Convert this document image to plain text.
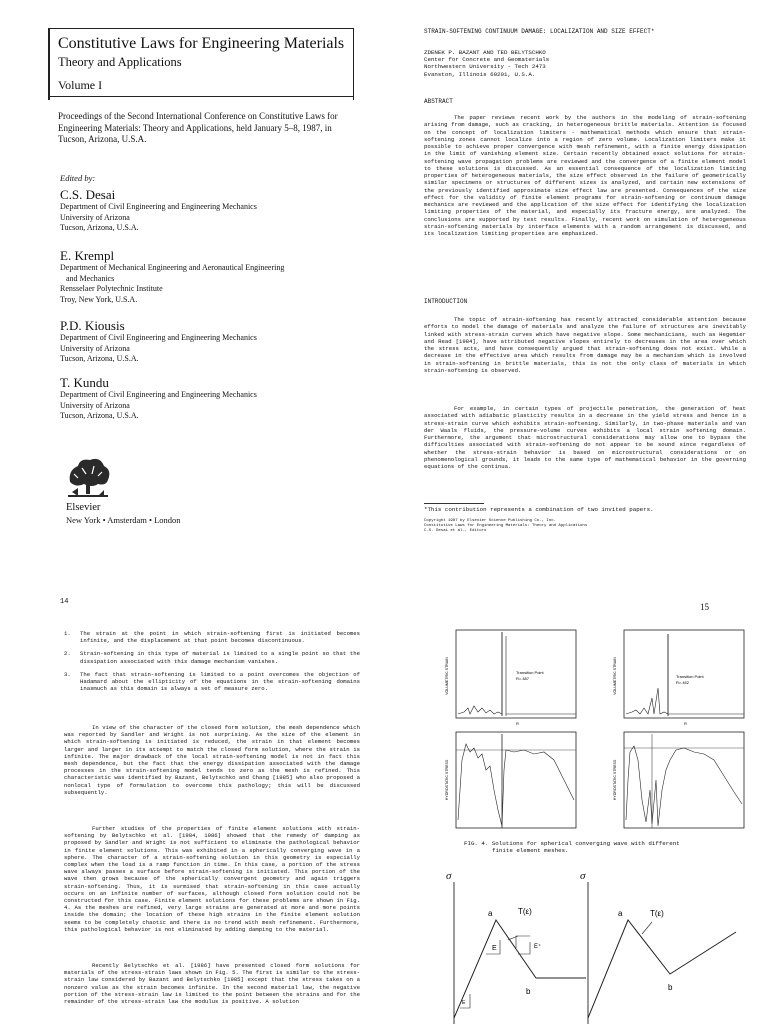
Constitutive Laws for Engineering Materials
Theory and Applications
Volume I
Proceedings of the Second International Conference on Constitutive Laws for Engineering Materials: Theory and Applications, held January 5–8, 1987, in Tucson, Arizona, U.S.A.
Edited by:
C.S. Desai
Department of Civil Engineering and Engineering Mechanics
University of Arizona
Tucson, Arizona, U.S.A.
E. Krempl
Department of Mechanical Engineering and Aeronautical Engineering
and Mechanics
Rensselaer Polytechnic Institute
Troy, New York, U.S.A.
P.D. Kiousis
Department of Civil Engineering and Engineering Mechanics
University of Arizona
Tucson, Arizona, U.S.A.
T. Kundu
Department of Civil Engineering and Engineering Mechanics
University of Arizona
Tucson, Arizona, U.S.A.
Elsevier
New York • Amsterdam • London
STRAIN-SOFTENING CONTINUUM DAMAGE: LOCALIZATION AND SIZE EFFECT*
ZDENEK P. BAZANT AND TED BELYTSCHKO
Center for Concrete and Geomaterials
Northwestern University - Tech 2473
Evanston, Illinois 60201, U.S.A.
ABSTRACT
The paper reviews recent work by the authors in the modeling of strain-softening arising from damage, such as cracking, in heterogeneous brittle materials. Attention is focused on the concept of localization limiters - mathematical methods which ensure that strain-softening zones cannot localize into a region of zero volume. Localization limiters make it possible to achieve proper convergence with mesh refinement, with a finite energy dissipation in the limit of vanishing element size. Certain recently obtained exact solutions for strain-softening wave propagation problems are reviewed and the convergence of a finite element model to these solutions is discussed. As an essential consequence of the localization limiting properties of heterogeneous materials, the size effect observed in the failure of geometrically similar specimens or structures of different sizes is analyzed, and certain new extensions of the previously identified approximate size effect law are presented. Consequences of the size effect for the validity of finite element programs for strain-softening or continuum damage mechanics are reviewed and the application of the size effect for identifying the localization limiting properties of the material, and especially its fracture energy, are analyzed. The conclusions are supported by test results. Finally, recent work on simulation of heterogeneous strain-softening materials by interface elements with a random arrangement is discussed, and its localization limiting properties are emphasized.
INTRODUCTION
The topic of strain-softening has recently attracted considerable attention because efforts to model the damage of materials and analyze the failure of structures are inevitably linked with stress-strain curves which have negative slope. Some mechanicians, such as Hegemier and Read [1984], have attributed negative slopes entirely to decreases in the area over which the stress acts, and have consequently argued that strain-softening does not exist. While a decrease in the effective area which results from damage may be a mechanism which is involved in strain-softening in brittle materials, this is not the only class of materials in which strain-softening is observed.
For example, in certain types of projectile penetration, the generation of heat associated with adiabatic plasticity results in a decrease in the yield stress and hence in a stress-strain curve which exhibits strain-softening. Similarly, in two-phase materials and van der Waals fluids, the pressure-volume curves exhibits a local strain softening domain. Furthermore, the argument that microstructural considerations may allow one to bypass the difficulties associated with strain-softening do not appear to be sound since regardless of whether the stress-strain behavior is based on microstructural considerations or on phenomenological grounds, it leads to the same type of mathematical behavior in the governing equations of the continua.
*This contribution represents a combination of two invited papers.
Copyright 1987 by Elsevier Science Publishing Co., Inc.
Constitutive Laws for Engineering Materials: Theory and Applications
C.S. Desai et al., Editors
14
1.	The strain at the point in which strain-softening first is initiated becomes infinite, and the displacement at that point becomes discontinuous.
2.	Strain-softening in this type of material is limited to a single point so that the dissipation associated with this damage mechanism vanishes.
3.	The fact that strain-softening is limited to a point overcomes the objection of Hadamard about the ellipticity of the equations in the strain-softening domains inasmuch as this domain is always a set of measure zero.
In view of the character of the closed form solution, the mesh dependence which was reported by Sandler and Wright is not surprising. As the size of the element in which strain-softening is initiated is reduced, the strain in that element becomes larger and larger in its attempt to match the closed form solution, where the strain is infinite. The major drawback of the local strain-softening model is not in fact this mesh dependence, but the fact that the energy dissipation associated with the damage processes in the strain-softening model tends to zero as the mesh is refined. This characteristic was identified by Bazant, Belytschko and Chang [1985] who also proposed a nonlocal type of formulation to overcome this pathology; this will be discussed subsequently.
Further studies of the properties of finite element solutions with strain-softening by Belytschko et al. [1984, 1986] showed that the remedy of damping as proposed by Sandler and Wright is not sufficient to eliminate the pathological behavior in finite element solutions. This was exhibited in a spherically converging wave in a sphere. The character of a strain-softening solution in this geometry is especially complex when the load is a ramp function in time. In this case, a portion of the stress wave always passes a surface before strain-softening is initiated. This portion of the wave then grows because of the spherically convergent geometry and again triggers strain-softening. Thus, it is surmised that strain-softening in this case actually occurs on an infinite number of surfaces, although closed form solution could not be constructed for this case. Finite element solutions for these problems are shown in Fig. 4. As the meshes are refined, very large strains are generated at more and more points inside the domain; the location of these high strains in the finite element solution seems to be completely chaotic and there is no trend with mesh refinement. Furthermore, this pathological behavior is not eliminated by adding damping to the material.
Recently Belytschko et al. [1986] have presented closed form solutions for materials of the stress-strain laws shown in Fig. 5. The first is similar to the stress-strain law considered by Bazant and Belytschko [1985] except that the stress takes on a nonzero value as the strain becomes infinite. In the second material law, the negative portion of the stress-strain law is limited to the point between the strains and for the remainder of the stress-strain law the modulus is positive. A solution
15
VOLUMETRIC STRAIN	Transition Point
R=.487
R
VOLUMETRIC STRAIN	Transition Point
R=.452
R
HYDROSTATIC STRESS	HYDROSTATIC STRESS
FIG. 4. Solutions for spherical converging wave with different
finite element meshes.
σ	σ
a
b
T(ε)
E	E⁺
E
a
b
T(ε)
